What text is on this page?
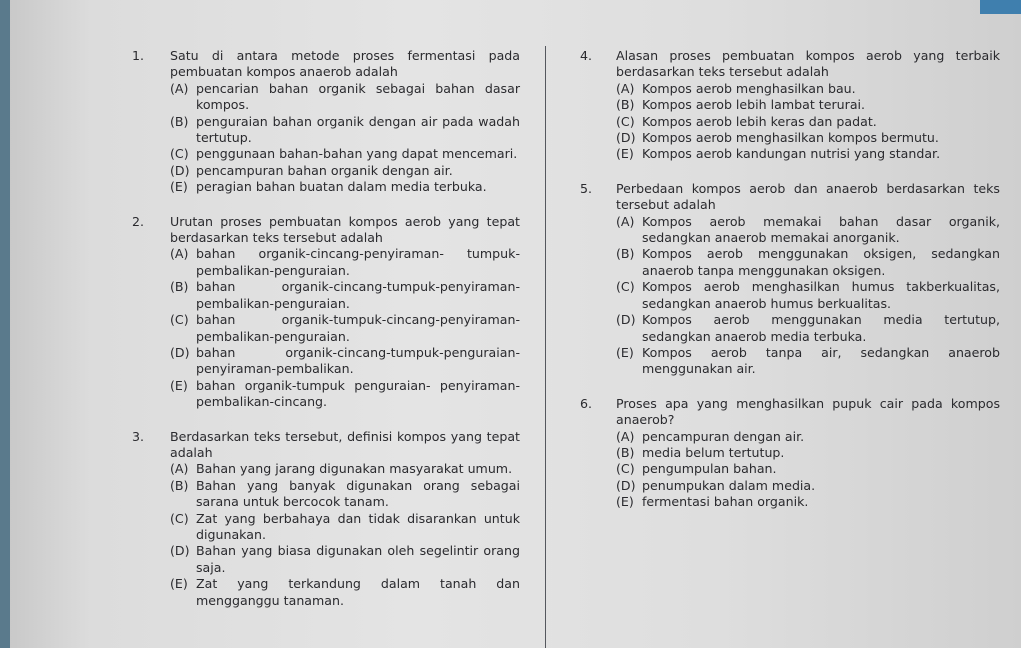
1.	Satu di antara metode proses fermentasi pada pembuatan kompos anaerob adalah
(A) pencarian bahan organik sebagai bahan dasar kompos.
(B) penguraian bahan organik dengan air pada wadah tertutup.
(C) penggunaan bahan-bahan yang dapat mencemari.
(D) pencampuran bahan organik dengan air.
(E) peragian bahan buatan dalam media terbuka.
2.	Urutan proses pembuatan kompos aerob yang tepat berdasarkan teks tersebut adalah
(A) bahan organik-cincang-penyiraman- tumpuk-pembalikan-penguraian.
(B) bahan organik-cincang-tumpuk-penyiraman-pembalikan-penguraian.
(C) bahan organik-tumpuk-cincang-penyiraman-pembalikan-penguraian.
(D) bahan organik-cincang-tumpuk-penguraian-penyiraman-pembalikan.
(E) bahan organik-tumpuk penguraian- penyiraman-pembalikan-cincang.
3.	Berdasarkan teks tersebut, definisi kompos yang tepat adalah
(A) Bahan yang jarang digunakan masyarakat umum.
(B) Bahan yang banyak digunakan orang sebagai sarana untuk bercocok tanam.
(C) Zat yang berbahaya dan tidak disarankan untuk digunakan.
(D) Bahan yang biasa digunakan oleh segelintir orang saja.
(E) Zat yang terkandung dalam tanah dan mengganggu tanaman.
4.	Alasan proses pembuatan kompos aerob yang terbaik berdasarkan teks tersebut adalah
(A) Kompos aerob menghasilkan bau.
(B) Kompos aerob lebih lambat terurai.
(C) Kompos aerob lebih keras dan padat.
(D) Kompos aerob menghasilkan kompos bermutu.
(E) Kompos aerob kandungan nutrisi yang standar.
5.	Perbedaan kompos aerob dan anaerob berdasarkan teks tersebut adalah
(A) Kompos aerob memakai bahan dasar organik, sedangkan anaerob memakai anorganik.
(B) Kompos aerob menggunakan oksigen, sedangkan anaerob tanpa menggunakan oksigen.
(C) Kompos aerob menghasilkan humus takberkualitas, sedangkan anaerob humus berkualitas.
(D) Kompos aerob menggunakan media tertutup, sedangkan anaerob media terbuka.
(E) Kompos aerob tanpa air, sedangkan anaerob menggunakan air.
6.	Proses apa yang menghasilkan pupuk cair pada kompos anaerob?
(A) pencampuran dengan air.
(B) media belum tertutup.
(C) pengumpulan bahan.
(D) penumpukan dalam media.
(E) fermentasi bahan organik.
